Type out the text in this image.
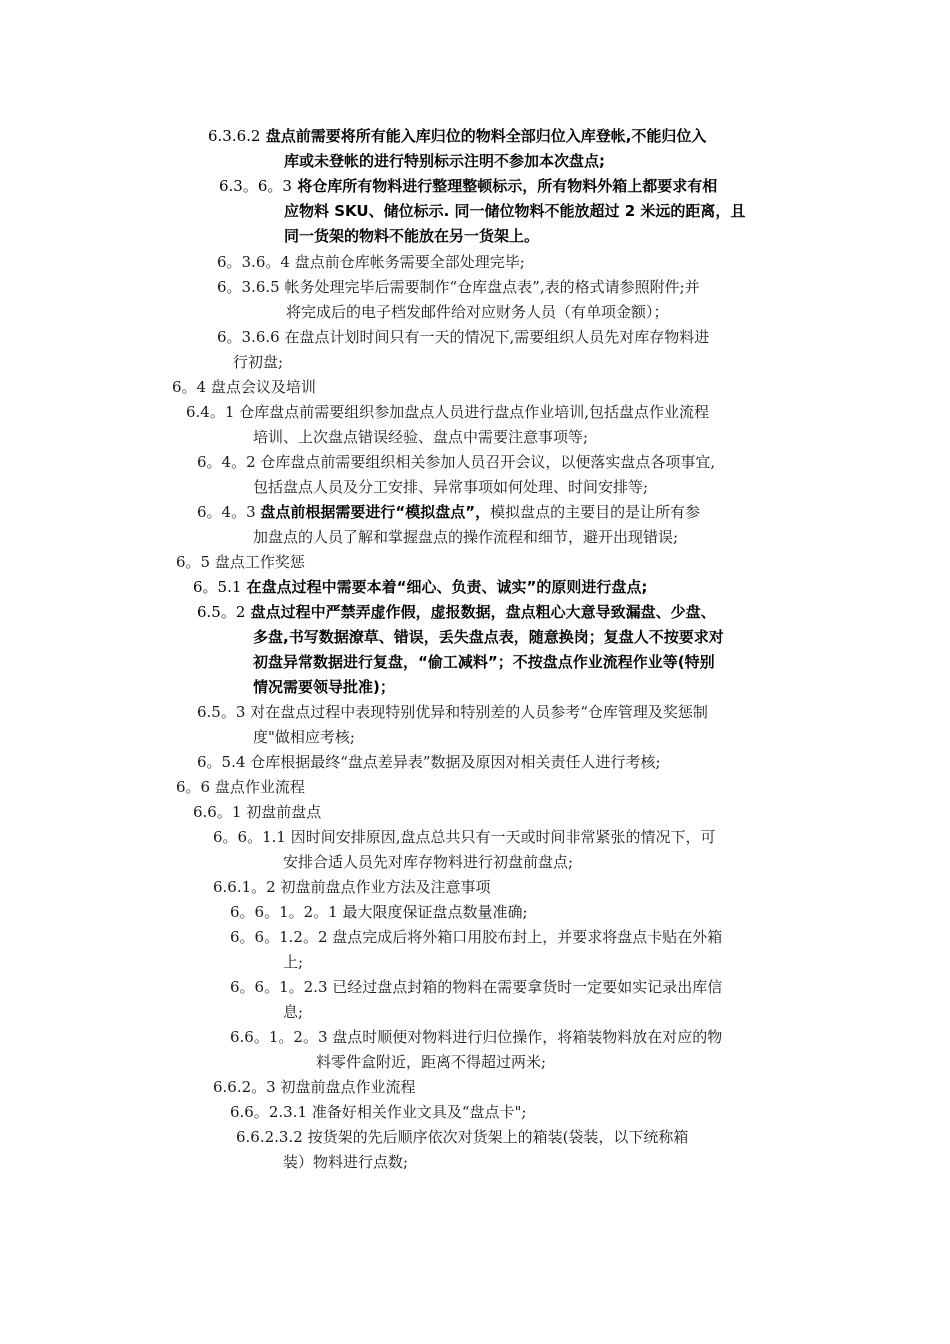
6.3.6.2 盘点前需要将所有能入库归位的物料全部归位入库登帐,不能归位入
库或未登帐的进行特别标示注明不参加本次盘点;
6.3。6。3 将仓库所有物料进行整理整顿标示，所有物料外箱上都要求有相
应物料 SKU、储位标示. 同一储位物料不能放超过 2 米远的距离，且
同一货架的物料不能放在另一货架上。
6。3.6。4 盘点前仓库帐务需要全部处理完毕;
6。3.6.5 帐务处理完毕后需要制作“仓库盘点表”,表的格式请参照附件;并
将完成后的电子档发邮件给对应财务人员（有单项金额）；
6。3.6.6 在盘点计划时间只有一天的情况下,需要组织人员先对库存物料进
行初盘;
6。4 盘点会议及培训
6.4。1 仓库盘点前需要组织参加盘点人员进行盘点作业培训,包括盘点作业流程
培训、上次盘点错误经验、盘点中需要注意事项等;
6。4。2 仓库盘点前需要组织相关参加人员召开会议，以便落实盘点各项事宜,
包括盘点人员及分工安排、异常事项如何处理、时间安排等;
6。4。3 盘点前根据需要进行“模拟盘点”，模拟盘点的主要目的是让所有参
加盘点的人员了解和掌握盘点的操作流程和细节，避开出现错误;
6。5 盘点工作奖惩
6。5.1 在盘点过程中需要本着“细心、负责、诚实”的原则进行盘点;
6.5。2 盘点过程中严禁弄虚作假，虚报数据，盘点粗心大意导致漏盘、少盘、
多盘,书写数据潦草、错误，丢失盘点表，随意换岗；复盘人不按要求对
初盘异常数据进行复盘，“偷工减料”；不按盘点作业流程作业等(特别
情况需要领导批准)；
6.5。3 对在盘点过程中表现特别优异和特别差的人员参考“仓库管理及奖惩制
度"做相应考核;
6。5.4 仓库根据最终“盘点差异表”数据及原因对相关责任人进行考核;
6。6 盘点作业流程
6.6。1 初盘前盘点
6。6。1.1 因时间安排原因,盘点总共只有一天或时间非常紧张的情况下，可
安排合适人员先对库存物料进行初盘前盘点;
6.6.1。2 初盘前盘点作业方法及注意事项
6。6。1。2。1 最大限度保证盘点数量准确;
6。6。1.2。2 盘点完成后将外箱口用胶布封上，并要求将盘点卡贴在外箱
上;
6。6。1。2.3 已经过盘点封箱的物料在需要拿货时一定要如实记录出库信
息;
6.6。1。2。3 盘点时顺便对物料进行归位操作，将箱装物料放在对应的物
料零件盒附近，距离不得超过两米;
6.6.2。3 初盘前盘点作业流程
6.6。2.3.1 准备好相关作业文具及“盘点卡";
6.6.2.3.2 按货架的先后顺序依次对货架上的箱装(袋装，以下统称箱
装）物料进行点数;
